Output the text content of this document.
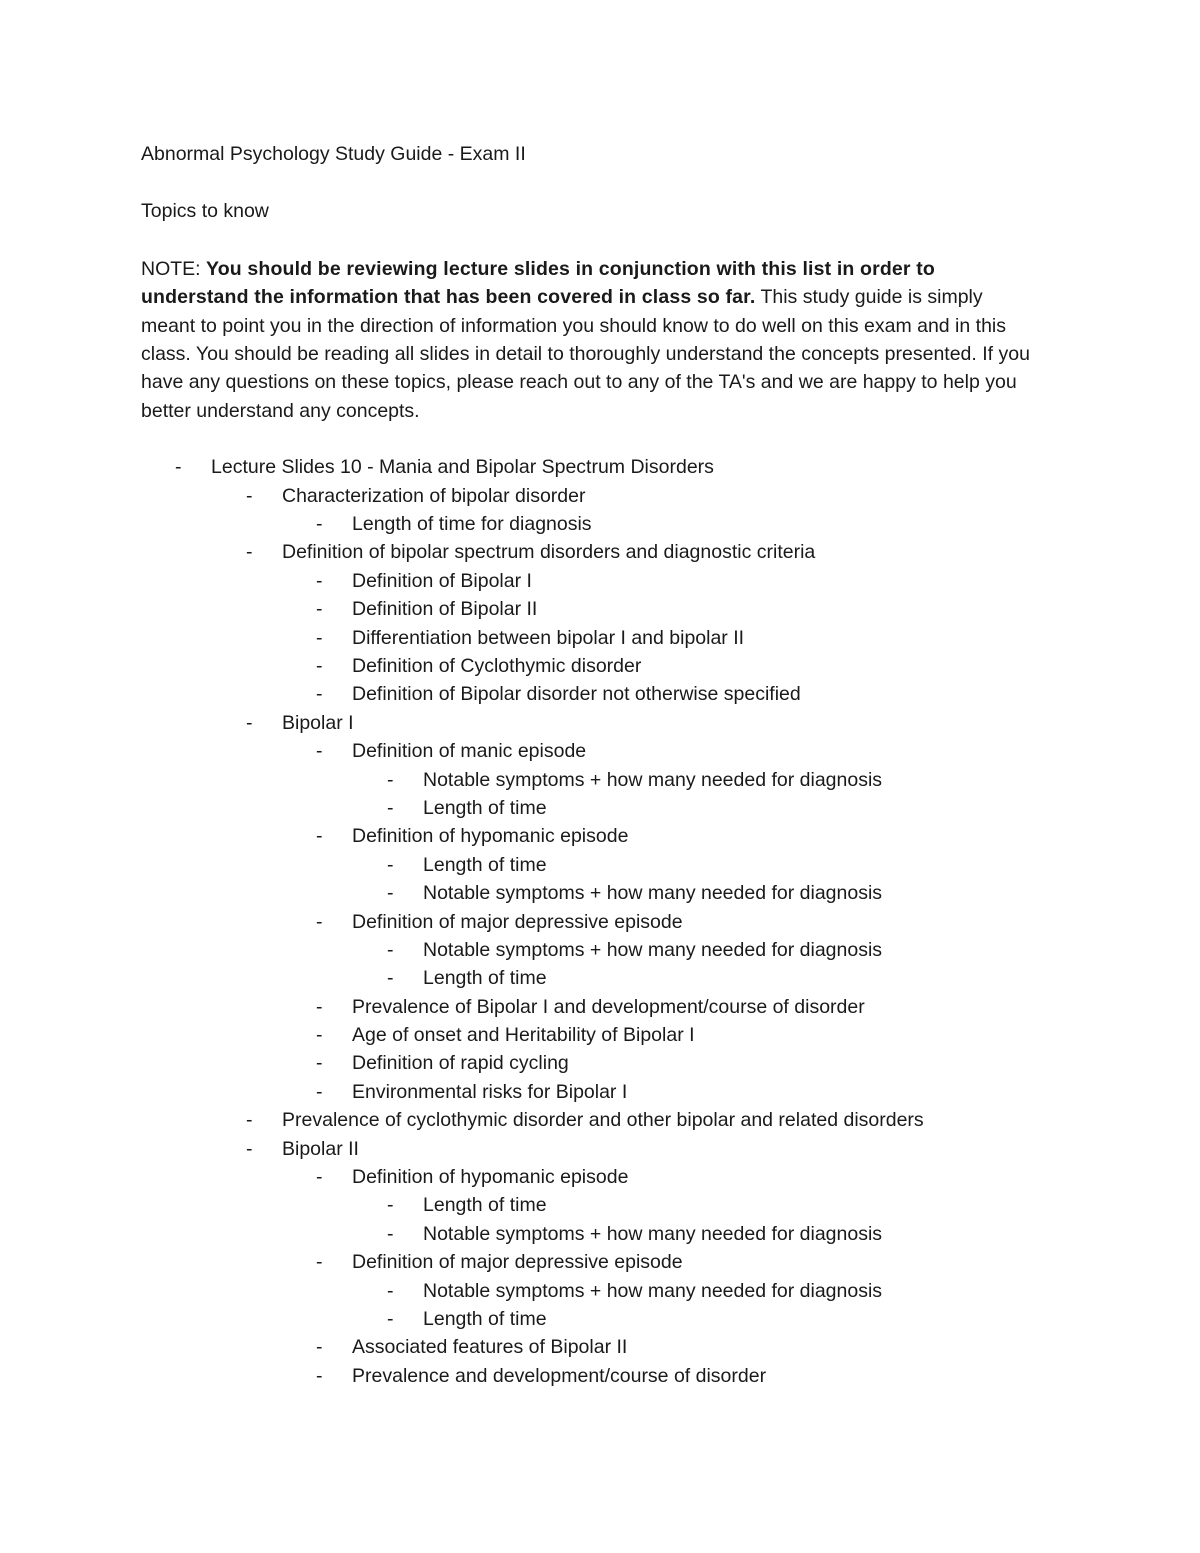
Abnormal Psychology Study Guide - Exam II
Topics to know
NOTE: You should be reviewing lecture slides in conjunction with this list in order to understand the information that has been covered in class so far. This study guide is simply meant to point you in the direction of information you should know to do well on this exam and in this class. You should be reading all slides in detail to thoroughly understand the concepts presented. If you have any questions on these topics, please reach out to any of the TA's and we are happy to help you better understand any concepts.
- Lecture Slides 10 - Mania and Bipolar Spectrum Disorders
- Characterization of bipolar disorder
- Length of time for diagnosis
- Definition of bipolar spectrum disorders and diagnostic criteria
- Definition of Bipolar I
- Definition of Bipolar II
- Differentiation between bipolar I and bipolar II
- Definition of Cyclothymic disorder
- Definition of Bipolar disorder not otherwise specified
- Bipolar I
- Definition of manic episode
- Notable symptoms + how many needed for diagnosis
- Length of time
- Definition of hypomanic episode
- Length of time
- Notable symptoms + how many needed for diagnosis
- Definition of major depressive episode
- Notable symptoms + how many needed for diagnosis
- Length of time
- Prevalence of Bipolar I and development/course of disorder
- Age of onset and Heritability of Bipolar I
- Definition of rapid cycling
- Environmental risks for Bipolar I
- Prevalence of cyclothymic disorder and other bipolar and related disorders
- Bipolar II
- Definition of hypomanic episode
- Length of time
- Notable symptoms + how many needed for diagnosis
- Definition of major depressive episode
- Notable symptoms + how many needed for diagnosis
- Length of time
- Associated features of Bipolar II
- Prevalence and development/course of disorder
